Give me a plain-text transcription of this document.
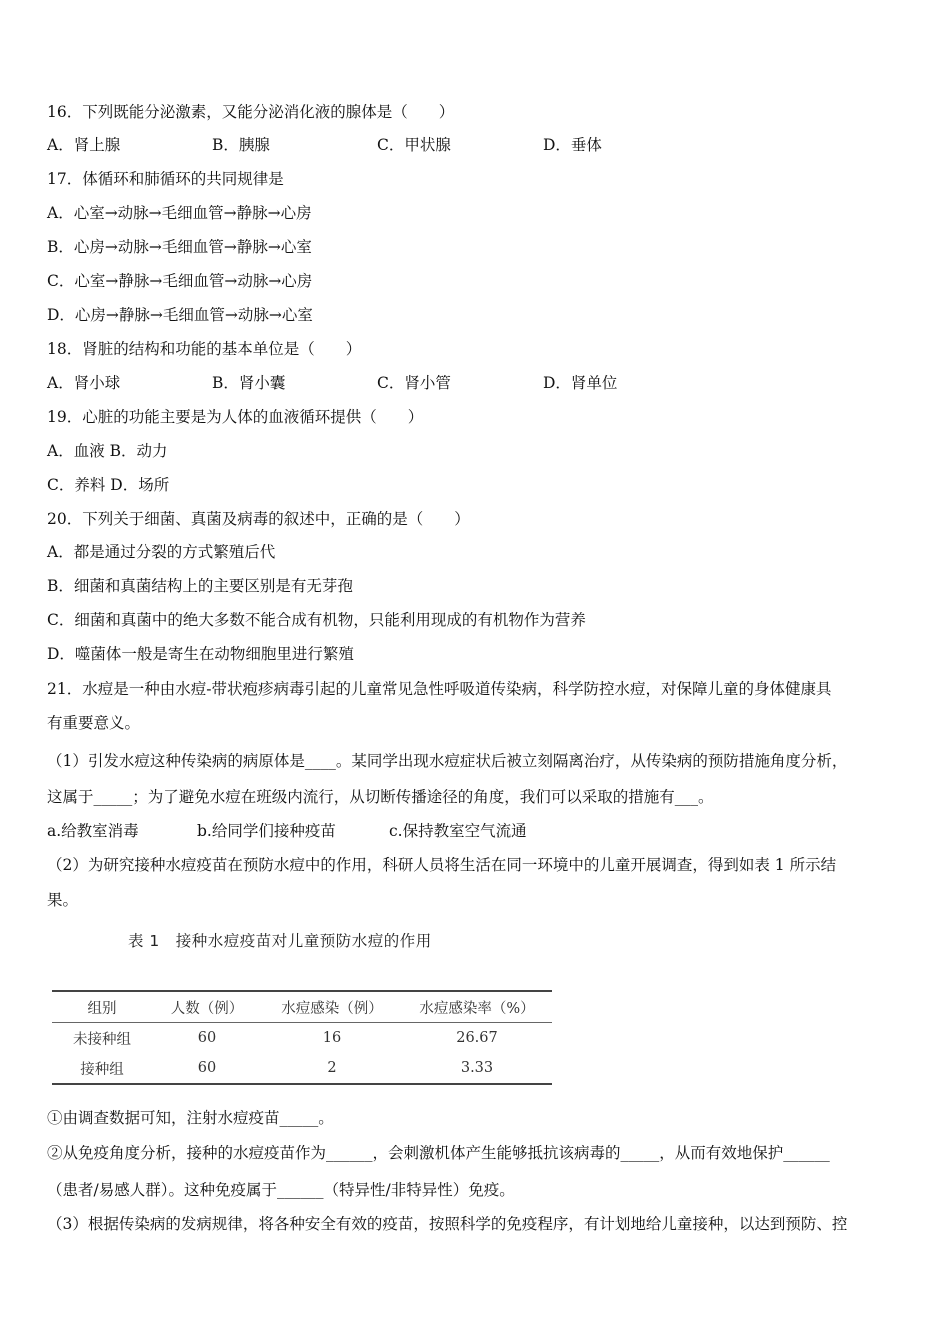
16．下列既能分泌激素，又能分泌消化液的腺体是（　　）
A．肾上腺	B．胰腺	C．甲状腺	D．垂体
17．体循环和肺循环的共同规律是
A．心室→动脉→毛细血管→静脉→心房
B．心房→动脉→毛细血管→静脉→心室
C．心室→静脉→毛细血管→动脉→心房
D．心房→静脉→毛细血管→动脉→心室
18．肾脏的结构和功能的基本单位是（　　）
A．肾小球	B．肾小囊	C．肾小管	D．肾单位
19．心脏的功能主要是为人体的血液循环提供（　　）
A．血液 B．动力
C．养料 D．场所
20．下列关于细菌、真菌及病毒的叙述中，正确的是（　　）
A．都是通过分裂的方式繁殖后代
B．细菌和真菌结构上的主要区别是有无芽孢
C．细菌和真菌中的绝大多数不能合成有机物，只能利用现成的有机物作为营养
D．噬菌体一般是寄生在动物细胞里进行繁殖
21．水痘是一种由水痘-带状疱疹病毒引起的儿童常见急性呼吸道传染病，科学防控水痘，对保障儿童的身体健康具
有重要意义。
（1）引发水痘这种传染病的病原体是____。某同学出现水痘症状后被立刻隔离治疗，从传染病的预防措施角度分析，
这属于_____；为了避免水痘在班级内流行，从切断传播途径的角度，我们可以采取的措施有___。
a.给教室消毒	b.给同学们接种疫苗	c.保持教室空气流通
（2）为研究接种水痘疫苗在预防水痘中的作用，科研人员将生活在同一环境中的儿童开展调查，得到如表 1 所示结
果。
表 1　接种水痘疫苗对儿童预防水痘的作用
组别	人数（例）	水痘感染（例）	水痘感染率（%）
未接种组	60	16	26.67
接种组	60	2	3.33
①由调查数据可知，注射水痘疫苗_____。
②从免疫角度分析，接种的水痘疫苗作为______，会刺激机体产生能够抵抗该病毒的_____，从而有效地保护______
（患者/易感人群）。这种免疫属于______（特异性/非特异性）免疫。
（3）根据传染病的发病规律，将各种安全有效的疫苗，按照科学的免疫程序，有计划地给儿童接种，以达到预防、控
